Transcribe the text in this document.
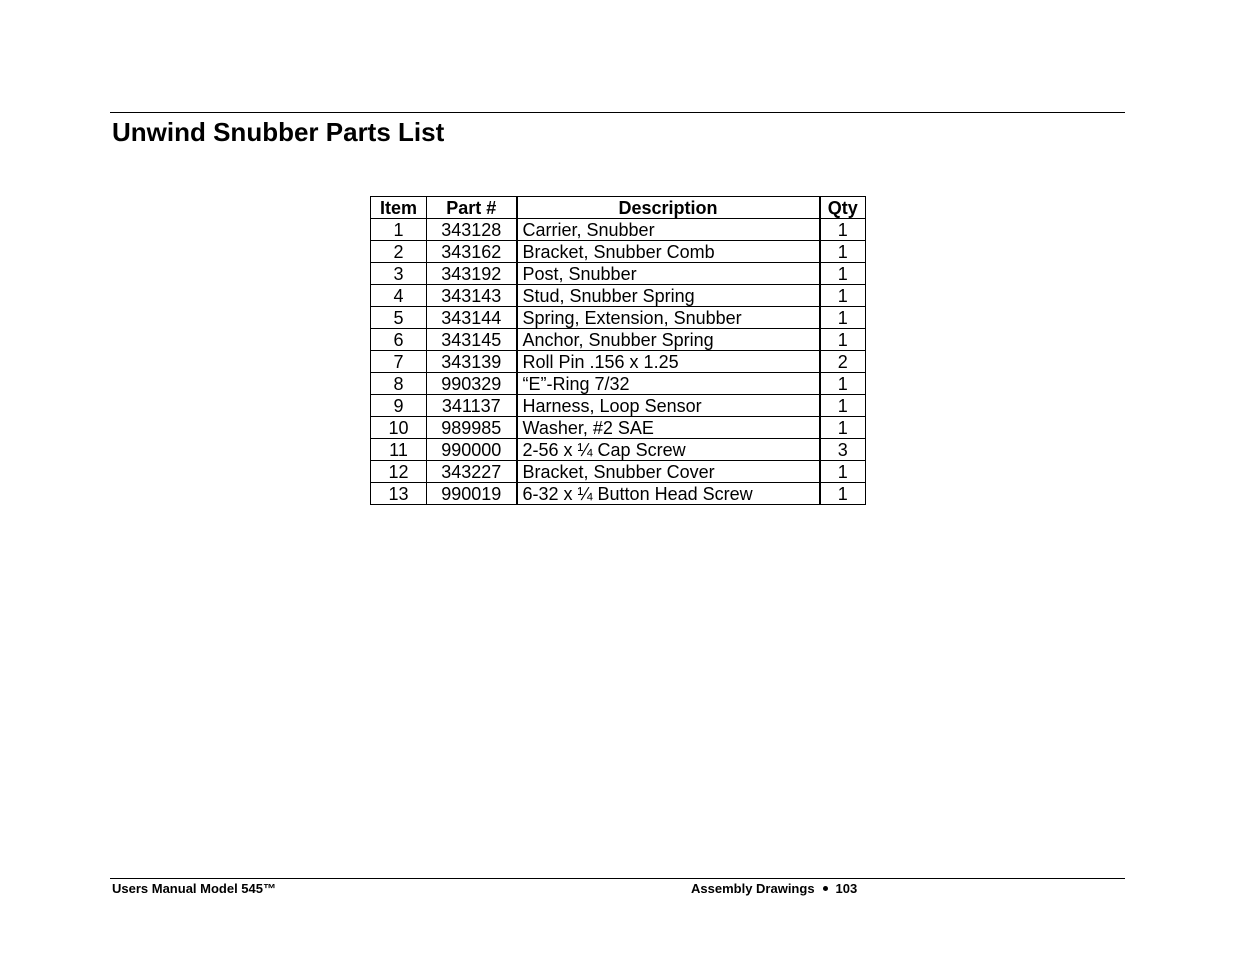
Unwind Snubber Parts List
Item	Part #	Description	Qty
1	343128	Carrier, Snubber	1
2	343162	Bracket, Snubber Comb	1
3	343192	Post, Snubber	1
4	343143	Stud, Snubber Spring	1
5	343144	Spring, Extension, Snubber	1
6	343145	Anchor, Snubber Spring	1
7	343139	Roll Pin .156 x 1.25	2
8	990329	“E”-Ring 7/32	1
9	341137	Harness, Loop Sensor	1
10	989985	Washer, #2 SAE	1
11	990000	2-56 x ¼ Cap Screw	3
12	343227	Bracket, Snubber Cover	1
13	990019	6-32 x ¼ Button Head Screw	1
Users Manual Model 545™	Assembly Drawings 103
